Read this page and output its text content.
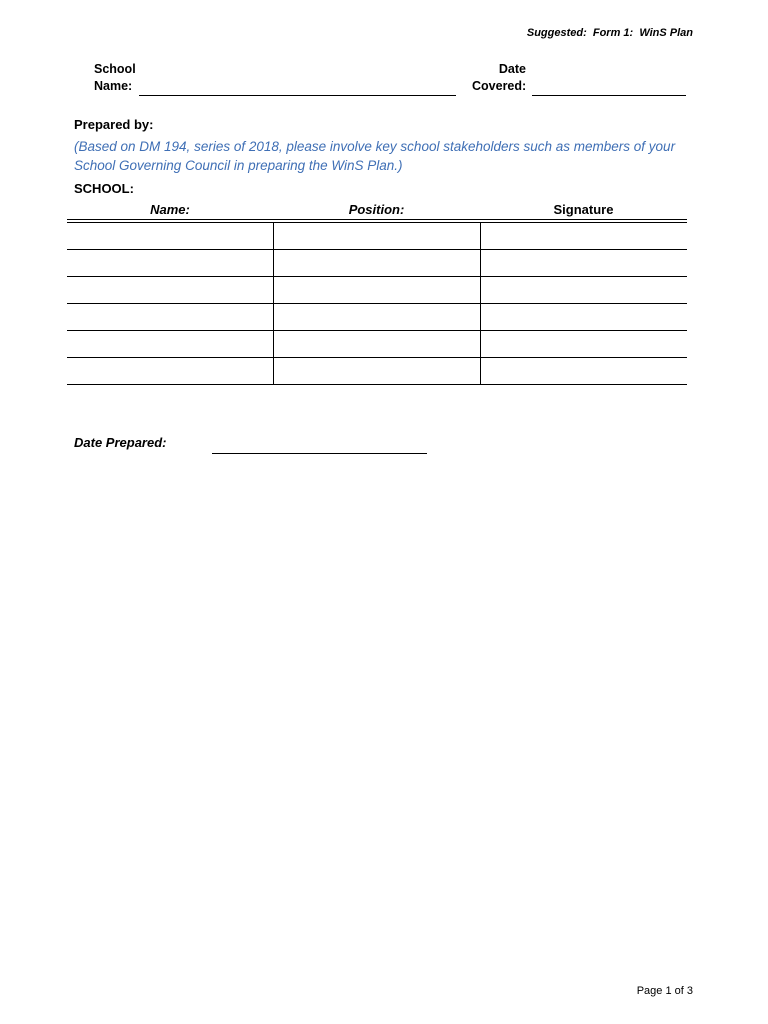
Suggested:  Form 1:  WinS Plan
School
Name:
Date
Covered:
Prepared by:
(Based on DM 194, series of 2018, please involve key school stakeholders such as members of your
School Governing Council in preparing the WinS Plan.)
SCHOOL:
Name:	Position:	Signature
Date Prepared:
Page 1 of 3
